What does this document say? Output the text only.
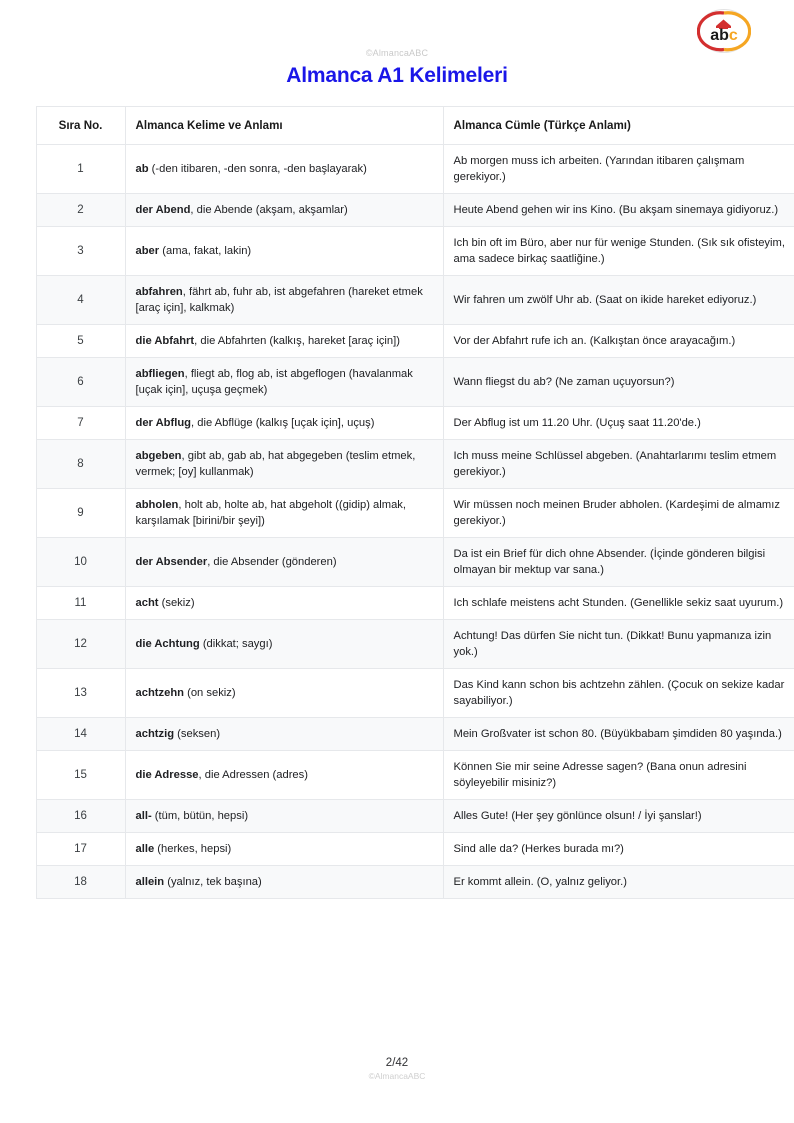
abc

©AlmancaABC

Almanca A1 Kelimeleri
Sıra No.	Almanca Kelime ve Anlamı	Almanca Cümle (Türkçe Anlamı)
1	ab (-den itibaren, -den sonra, -den başlayarak)	Ab morgen muss ich arbeiten. (Yarından itibaren çalışmam gerekiyor.)
2	der Abend, die Abende (akşam, akşamlar)	Heute Abend gehen wir ins Kino. (Bu akşam sinemaya gidiyoruz.)
3	aber (ama, fakat, lakin)	Ich bin oft im Büro, aber nur für wenige Stunden. (Sık sık ofisteyim, ama sadece birkaç saatliğine.)
4	abfahren, fährt ab, fuhr ab, ist abgefahren (hareket etmek [araç için], kalkmak)	Wir fahren um zwölf Uhr ab. (Saat on ikide hareket ediyoruz.)
5	die Abfahrt, die Abfahrten (kalkış, hareket [araç için])	Vor der Abfahrt rufe ich an. (Kalkıştan önce arayacağım.)
6	abfliegen, fliegt ab, flog ab, ist abgeflogen (havalanmak [uçak için], uçuşa geçmek)	Wann fliegst du ab? (Ne zaman uçuyorsun?)
7	der Abflug, die Abflüge (kalkış [uçak için], uçuş)	Der Abflug ist um 11.20 Uhr. (Uçuş saat 11.20'de.)
8	abgeben, gibt ab, gab ab, hat abgegeben (teslim etmek, vermek; [oy] kullanmak)	Ich muss meine Schlüssel abgeben. (Anahtarlarımı teslim etmem gerekiyor.)
9	abholen, holt ab, holte ab, hat abgeholt ((gidip) almak, karşılamak [birini/bir şeyi])	Wir müssen noch meinen Bruder abholen. (Kardeşimi de almamız gerekiyor.)
10	der Absender, die Absender (gönderen)	Da ist ein Brief für dich ohne Absender. (İçinde gönderen bilgisi olmayan bir mektup var sana.)
11	acht (sekiz)	Ich schlafe meistens acht Stunden. (Genellikle sekiz saat uyurum.)
12	die Achtung (dikkat; saygı)	Achtung! Das dürfen Sie nicht tun. (Dikkat! Bunu yapmanıza izin yok.)
13	achtzehn (on sekiz)	Das Kind kann schon bis achtzehn zählen. (Çocuk on sekize kadar sayabiliyor.)
14	achtzig (seksen)	Mein Großvater ist schon 80. (Büyükbabam şimdiden 80 yaşında.)
15	die Adresse, die Adressen (adres)	Können Sie mir seine Adresse sagen? (Bana onun adresini söyleyebilir misiniz?)
16	all- (tüm, bütün, hepsi)	Alles Gute! (Her şey gönlünce olsun! / İyi şanslar!)
17	alle (herkes, hepsi)	Sind alle da? (Herkes burada mı?)
18	allein (yalnız, tek başına)	Er kommt allein. (O, yalnız geliyor.)

2/42

©AlmancaABC
